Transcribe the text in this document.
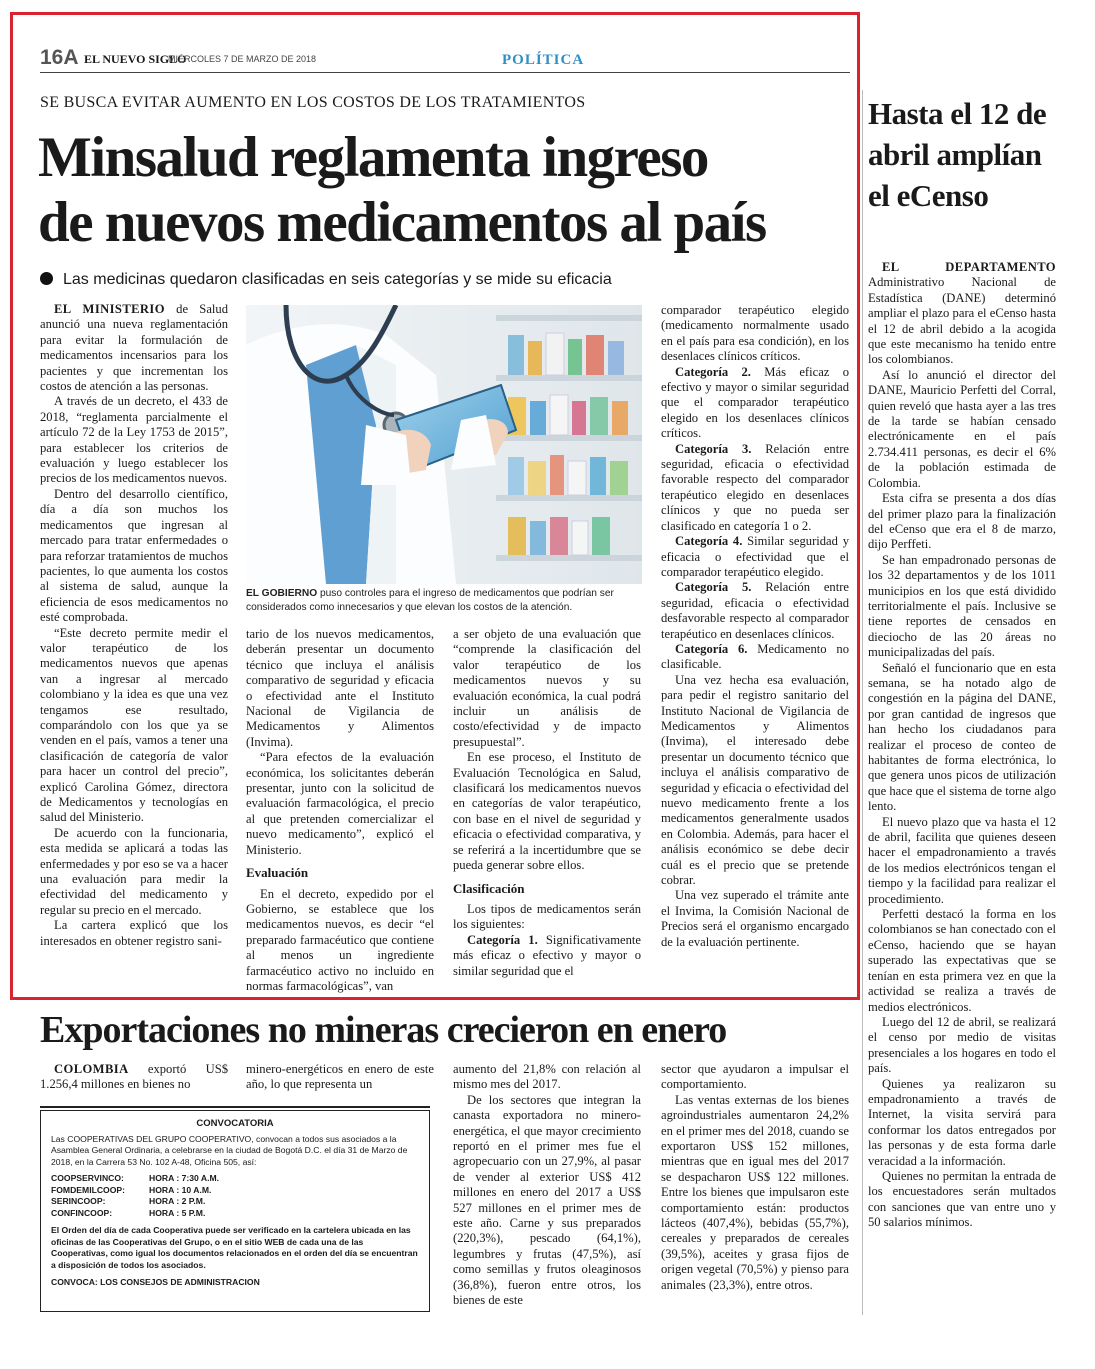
16A EL NUEVO SIGLO
MIÉRCOLES 7 DE MARZO DE 2018	POLÍTICA
SE BUSCA EVITAR AUMENTO EN LOS COSTOS DE LOS TRATAMIENTOS
Minsalud reglamenta ingreso
de nuevos medicamentos al país
Las medicinas quedaron clasificadas en seis categorías y se mide su eficacia

EL MINISTERIO de Salud anunció una nueva reglamentación para evitar la formulación de medicamentos incensarios para los pacientes y que incrementan los costos de atención a las personas.

A través de un decreto, el 433 de 2018, “reglamenta parcialmente el artículo 72 de la Ley 1753 de 2015”, para establecer los criterios de evaluación y luego establecer los precios de los medicamentos nuevos.

Dentro del desarrollo científico, día a día son muchos los medicamentos que ingresan al mercado para tratar enfermedades o para reforzar tratamientos de muchos pacientes, lo que aumenta los costos al sistema de salud, aunque la eficiencia de esos medicamentos no esté comprobada.

“Este decreto permite medir el valor terapéutico de los medicamentos nuevos que apenas van a ingresar al mercado colombiano y la idea es que una vez tengamos ese resultado, comparándolo con los que ya se venden en el país, vamos a tener una clasificación de categoría de valor para hacer un control del precio”, explicó Carolina Gómez, directora de Medicamentos y tecnologías en salud del Ministerio.

De acuerdo con la funcionaria, esta medida se aplicará a todas las enfermedades y por eso se va a hacer una evaluación para medir la efectividad del medicamento y regular su precio en el mercado.

La cartera explicó que los interesados en obtener registro sani-

EL GOBIERNO puso controles para el ingreso de medicamentos que podrían ser considerados como innecesarios y que elevan los costos de la atención.

tario de los nuevos medicamentos, deberán presentar un documento técnico que incluya el análisis comparativo de seguridad y eficacia o efectividad ante el Instituto Nacional de Vigilancia de Medicamentos y Alimentos (Invima).

“Para efectos de la evaluación económica, los solicitantes deberán presentar, junto con la solicitud de evaluación farmacológica, el precio al que pretenden comercializar el nuevo medicamento”, explicó el Ministerio.

Evaluación

En el decreto, expedido por el Gobierno, se establece que los medicamentos nuevos, es decir “el preparado farmacéutico que contiene al menos un ingrediente farmacéutico activo no incluido en normas farmacológicas”, van

a ser objeto de una evaluación que “comprende la clasificación del valor terapéutico de los medicamentos nuevos y su evaluación económica, la cual podrá incluir un análisis de costo/efectividad y de impacto presupuestal”.

En ese proceso, el Instituto de Evaluación Tecnológica en Salud, clasificará los medicamentos nuevos en categorías de valor terapéutico, con base en el nivel de seguridad y eficacia o efectividad comparativa, y se referirá a la incertidumbre que se pueda generar sobre ellos.

Clasificación

Los tipos de medicamentos serán los siguientes:

Categoría 1. Significativamente más eficaz o efectivo y mayor o similar seguridad que el

comparador terapéutico elegido (medicamento normalmente usado en el país para esa condición), en los desenlaces clínicos críticos.

Categoría 2. Más eficaz o efectivo y mayor o similar seguridad que el comparador terapéutico elegido en los desenlaces clínicos críticos.

Categoría 3. Relación entre seguridad, eficacia o efectividad favorable respecto del comparador terapéutico elegido en desenlaces clínicos y que no pueda ser clasificado en categoría 1 o 2.

Categoría 4. Similar seguridad y eficacia o efectividad que el comparador terapéutico elegido.

Categoría 5. Relación entre seguridad, eficacia o efectividad desfavorable respecto al comparador terapéutico en desenlaces clínicos.

Categoría 6. Medicamento no clasificable.

Una vez hecha esa evaluación, para pedir el registro sanitario del Instituto Nacional de Vigilancia de Medicamentos y Alimentos (Invima), el interesado debe presentar un documento técnico que incluya el análisis comparativo de seguridad y eficacia o efectividad del nuevo medicamento frente a los medicamentos generalmente usados en Colombia. Además, para hacer el análisis económico se debe decir cuál es el precio que se pretende cobrar.

Una vez superado el trámite ante el Invima, la Comisión Nacional de Precios será el organismo encargado de la evaluación pertinente.

Hasta el 12 de abril amplían el eCenso

EL DEPARTAMENTO Administrativo Nacional de Estadística (DANE) determinó ampliar el plazo para el eCenso hasta el 12 de abril debido a la acogida que este mecanismo ha tenido entre los colombianos.

Así lo anunció el director del DANE, Mauricio Perfetti del Corral, quien reveló que hasta ayer a las tres de la tarde se habían censado electrónicamente en el país 2.734.411 personas, es decir el 6% de la población estimada de Colombia.

Esta cifra se presenta a dos días del primer plazo para la finalización del eCenso que era el 8 de marzo, dijo Perffeti.

Se han empadronado personas de los 32 departamentos y de los 1011 municipios en los que está dividido territorialmente el país. Inclusive se tiene reportes de censados en dieciocho de las 20 áreas no municipalizadas del país.

Señaló el funcionario que en esta semana, se ha notado algo de congestión en la página del DANE, por gran cantidad de ingresos que han hecho los ciudadanos para realizar el proceso de conteo de habitantes de forma electrónica, lo que genera unos picos de utilización que hace que el sistema de torne algo lento.

El nuevo plazo que va hasta el 12 de abril, facilita que quienes deseen hacer el empadronamiento a través de los medios electrónicos tengan el tiempo y la facilidad para realizar el procedimiento.

Perfetti destacó la forma en los colombianos se han conectado con el eCenso, haciendo que se hayan superado las expectativas que se tenían en esta primera vez en que la actividad se realiza a través de medios electrónicos.

Luego del 12 de abril, se realizará el censo por medio de visitas presenciales a los hogares en todo el país.

Quienes ya realizaron su empadronamiento a través de Internet, la visita servirá para conformar los datos entregados por las personas y de esta forma darle veracidad a la información.

Quienes no permitan la entrada de los encuestadores serán multados con sanciones que van entre uno y 50 salarios mínimos.

Exportaciones no mineras crecieron en enero

COLOMBIA exportó US$ 1.256,4 millones en bienes no

minero-energéticos en enero de este año, lo que representa un

aumento del 21,8% con relación al mismo mes del 2017.

De los sectores que integran la canasta exportadora no minero-energética, el que mayor crecimiento reportó en el primer mes fue el agropecuario con un 27,9%, al pasar de vender al exterior US$ 412 millones en enero del 2017 a US$ 527 millones en el primer mes de este año. Carne y sus preparados (220,3%), pescado (64,1%), legumbres y frutas (47,5%), así como semillas y frutos oleaginosos (36,8%), fueron entre otros, los bienes de este

sector que ayudaron a impulsar el comportamiento.

Las ventas externas de los bienes agroindustriales aumentaron 24,2% en el primer mes del 2018, cuando se exportaron US$ 152 millones, mientras que en igual mes del 2017 se despacharon US$ 122 millones. Entre los bienes que impulsaron este comportamiento están: productos lácteos (407,4%), bebidas (55,7%), cereales y preparados de cereales (39,5%), aceites y grasa fijos de origen vegetal (70,5%) y pienso para animales (23,3%), entre otros.

CONVOCATORIA
Las COOPERATIVAS DEL GRUPO COOPERATIVO, convocan a todos sus asociados a la Asamblea General Ordinaria, a celebrarse en la ciudad de Bogotá D.C. el día 31 de Marzo de 2018, en la Carrera 53 No. 102 A-48, Oficina 505, así:
COOPSERVINCO:	HORA : 7:30 A.M.
FOMDEMILCOOP:	HORA : 10 A.M.
SERINCOOP:	HORA : 2 P.M.
CONFINCOOP:	HORA : 5 P.M.
El Orden del día de cada Cooperativa puede ser verificado en la cartelera ubicada en las oficinas de las Cooperativas del Grupo, o en el sitio WEB de cada una de las Cooperativas, como igual los documentos relacionados en el orden del día se encuentran a disposición de todos los asociados.
CONVOCA: LOS CONSEJOS DE ADMINISTRACION
